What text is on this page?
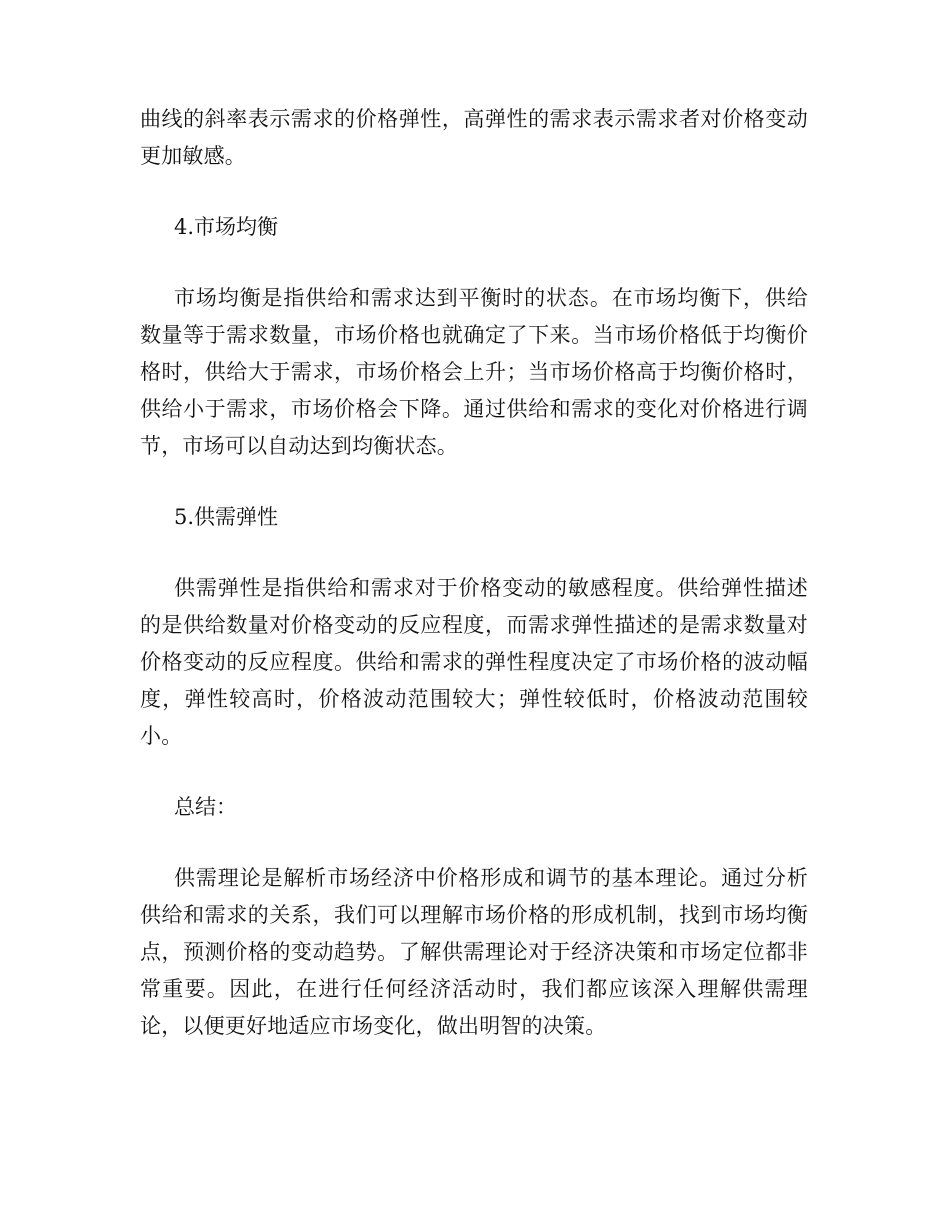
曲线的斜率表示需求的价格弹性，高弹性的需求表示需求者对价格变动更加敏感。

4.市场均衡

市场均衡是指供给和需求达到平衡时的状态。在市场均衡下，供给数量等于需求数量，市场价格也就确定了下来。当市场价格低于均衡价格时，供给大于需求，市场价格会上升；当市场价格高于均衡价格时，供给小于需求，市场价格会下降。通过供给和需求的变化对价格进行调节，市场可以自动达到均衡状态。

5.供需弹性

供需弹性是指供给和需求对于价格变动的敏感程度。供给弹性描述的是供给数量对价格变动的反应程度，而需求弹性描述的是需求数量对价格变动的反应程度。供给和需求的弹性程度决定了市场价格的波动幅度，弹性较高时，价格波动范围较大；弹性较低时，价格波动范围较小。

总结：

供需理论是解析市场经济中价格形成和调节的基本理论。通过分析供给和需求的关系，我们可以理解市场价格的形成机制，找到市场均衡点，预测价格的变动趋势。了解供需理论对于经济决策和市场定位都非常重要。因此，在进行任何经济活动时，我们都应该深入理解供需理论，以便更好地适应市场变化，做出明智的决策。
